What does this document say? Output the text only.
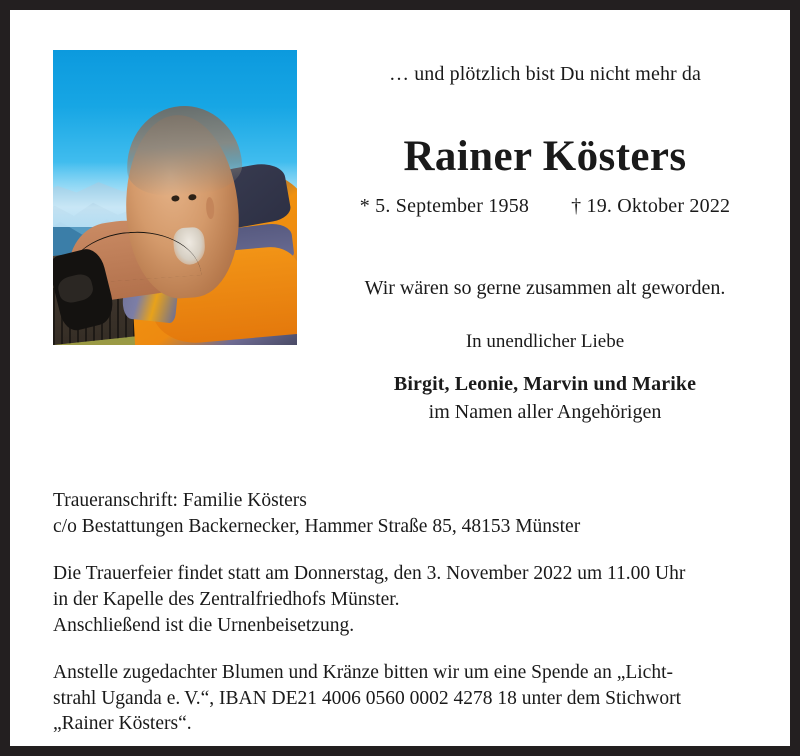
… und plötzlich bist Du nicht mehr da
Rainer Kösters
* 5. September 1958 † 19. Oktober 2022
Wir wären so gerne zusammen alt geworden.
In unendlicher Liebe
Birgit, Leonie, Marvin und Marike
im Namen aller Angehörigen

Traueranschrift: Familie Kösters
c/o Bestattungen Backernecker, Hammer Straße 85, 48153 Münster

Die Trauerfeier findet statt am Donnerstag, den 3. November 2022 um 11.00 Uhr
in der Kapelle des Zentralfriedhofs Münster.
Anschließend ist die Urnenbeisetzung.

Anstelle zugedachter Blumen und Kränze bitten wir um eine Spende an „Licht-
strahl Uganda e. V.“, IBAN DE21 4006 0560 0002 4278 18 unter dem Stichwort
„Rainer Kösters“.
